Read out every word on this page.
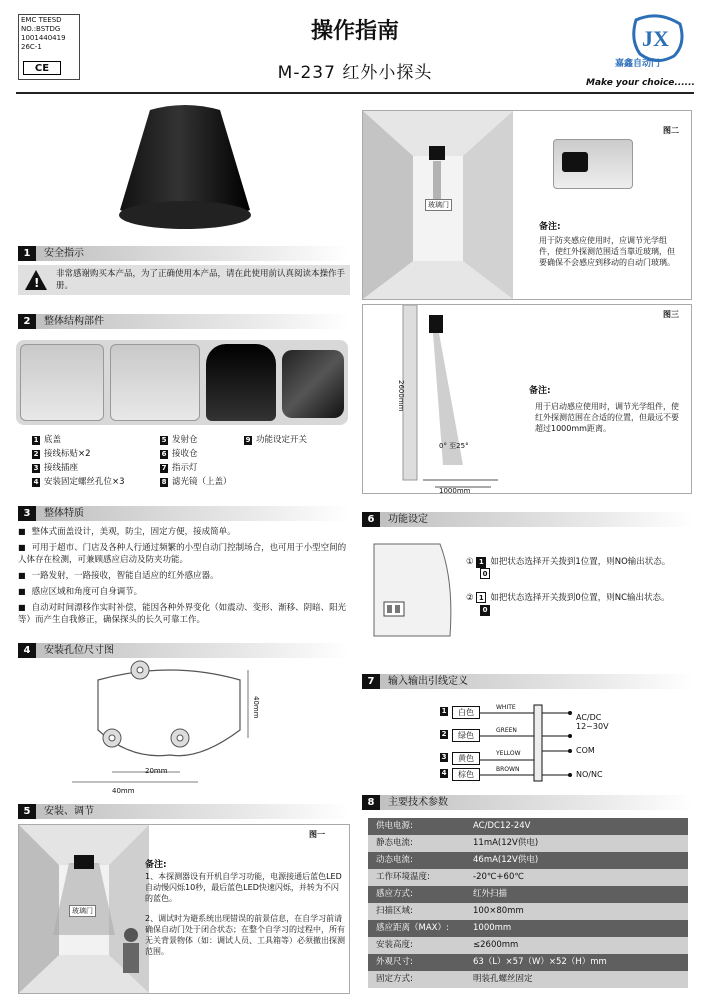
EMC TEESD
NO.:BSTDG
1001440419
26C-1
CE
操作指南
M-237 红外小探头
JX
嘉鑫自动门
Make your choice......
1 安全指示
!
非常感谢购买本产品，为了正确使用本产品，请在此使用前认真阅读本操作手册。
2 整体结构部件
1 底盖	5 发射仓	9 功能设定开关
2 接线标贴×2	6 接收仓
3 接线插座	7 指示灯
4 安装固定螺丝孔位×3	8 滤光镜（上盖）
3 整体特质
■ 整体式面盖设计，美观，防尘，固定方便，接成简单。
■ 可用于超市、门店及各种人行通过频繁的小型自动门控制场合，也可用于小型空间的人体存在检测，可兼顾感应启动及防夹功能。
■ 一路发射，一路接收，智能自适应的红外感应器。
■ 感应区域和角度可自身调节。
■ 自动对时间漂移作实时补偿，能因各种外界变化（如震动、变形、渐移、阴暗、阳光等）而产生自我修正，确保探头的长久可靠工作。
4 安装孔位尺寸图
40mm
20mm
40mm
5 安装、调节
玻璃门
图一
备注:
1、本探测器设有开机自学习功能，电源接通后蓝色LED自动慢闪烁10秒，最后蓝色LED快速闪烁，并转为不闪的蓝色。
2、调试时为避系统出现错误的前景信息，在自学习前请确保自动门处于闭合状态；在整个自学习的过程中，所有无关背景物体（如：调试人员、工具箱等）必须撤出探测范围。
玻璃门
图二
备注:
用于防夹感应使用时，应调节光学组件，使红外探测范围适当靠近玻璃，但要确保不会感应到移动的自动门玻璃。
2600mm
0° 至25°
1000mm
图三
备注:
用于启动感应使用时，调节光学组件，使红外探测范围在合适的位置，但最远不要超过1000mm距离。
6 功能设定
① 1 如把状态选择开关拨到1位置，则NO输出状态。
0
② 1 如把状态选择开关拨到0位置，则NC输出状态。
0
7 输入输出引线定义
1	白色
WHITE
2	绿色
GREEN
3	黄色
YELLOW
4	棕色
BROWN
AC/DC
12~30V
COM
NO/NC
8 主要技术参数
供电电源:	AC/DC12-24V
静态电流:	11mA(12V供电)
动态电流:	46mA(12V供电)
工作环境温度:	-20℃+60℃
感应方式:	红外扫描
扫描区域:	100×80mm
感应距离（MAX）:	1000mm
安装高度:	≤2600mm
外观尺寸:	63（L）×57（W）×52（H）mm
固定方式:	明装孔螺丝固定
